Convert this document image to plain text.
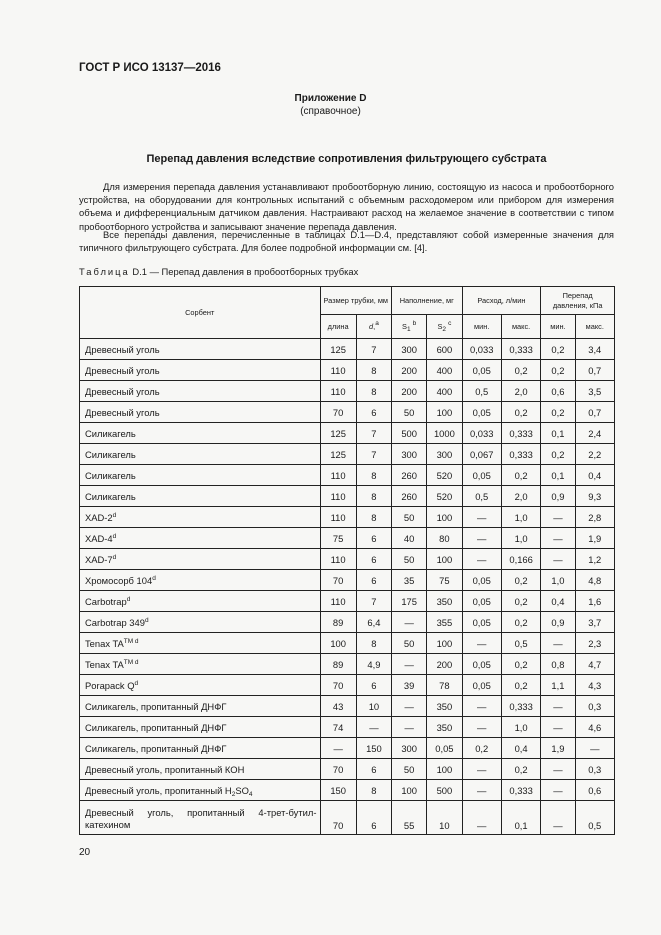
ГОСТ Р ИСО 13137—2016
Приложение D
(справочное)
Перепад давления вследствие сопротивления фильтрующего субстрата

Для измерения перепада давления устанавливают пробоотборную линию, состоящую из насоса и пробоотборного устройства, на оборудовании для контрольных испытаний с объемным расходомером или прибором для измерения объема и дифференциальным датчиком давления. Настраивают расход на желаемое значение в соответствии с типом пробоотборного устройства и записывают значение перепада давления.

Все перепады давления, перечисленные в таблицах D.1—D.4, представляют собой измеренные значения для типичного фильтрующего субстрата. Для более подробной информации см. [4].

Таблица D.1 — Перепад давления в пробоотборных трубках
Сорбент	Размер трубки, мм		Наполнение, мг		Расход, л/мин		Перепад давления, кПа	
	длина	d,$^a$	$S_1$ $^b$	$S_2$ $^c$	мин.	макс.	мин.	макс.
Древесный уголь	125	7	300	600	0,033	0,333	0,2	3,4
Древесный уголь	110	8	200	400	0,05	0,2	0,2	0,7
Древесный уголь	110	8	200	400	0,5	2,0	0,6	3,5
Древесный уголь	70	6	50	100	0,05	0,2	0,2	0,7
Силикагель	125	7	500	1000	0,033	0,333	0,1	2,4
Силикагель	125	7	300	300	0,067	0,333	0,2	2,2
Силикагель	110	8	260	520	0,05	0,2	0,1	0,4
Силикагель	110	8	260	520	0,5	2,0	0,9	9,3
XAD-2$^d$	110	8	50	100	—	1,0	—	2,8
XAD-4$^d$	75	6	40	80	—	1,0	—	1,9
XAD-7$^d$	110	6	50	100	—	0,166	—	1,2
Хромосорб 104$^d$	70	6	35	75	0,05	0,2	1,0	4,8
Carbotrap$^d$	110	7	175	350	0,05	0,2	0,4	1,6
Carbotrap 349$^d$	89	6,4	—	355	0,05	0,2	0,9	3,7
Tenax $TA^{TM d}$	100	8	50	100	—	0,5	—	2,3
Tenax $TA^{TM d}$	89	4,9	—	200	0,05	0,2	0,8	4,7
Porapack $Q^d$	70	6	39	78	0,05	0,2	1,1	4,3
Силикагель, пропитанный ДНФГ	43	10	—	350	—	0,333	—	0,3
Силикагель, пропитанный ДНФГ	74	—	—	350	—	1,0	—	4,6
Силикагель, пропитанный ДНФГ	—	150	300	0,05	0,2	0,4	1,9	—
Древесный уголь, пропитанный КОН	70	6	50	100	—	0,2	—	0,3
Древесный уголь, пропитанный $H_2SO_4$	150	8	100	500	—	0,333	—	0,6
Древесный уголь, пропитанный 4-трет-бутил-катехином	70	6	55	10	—	0,1	—	0,5
20
